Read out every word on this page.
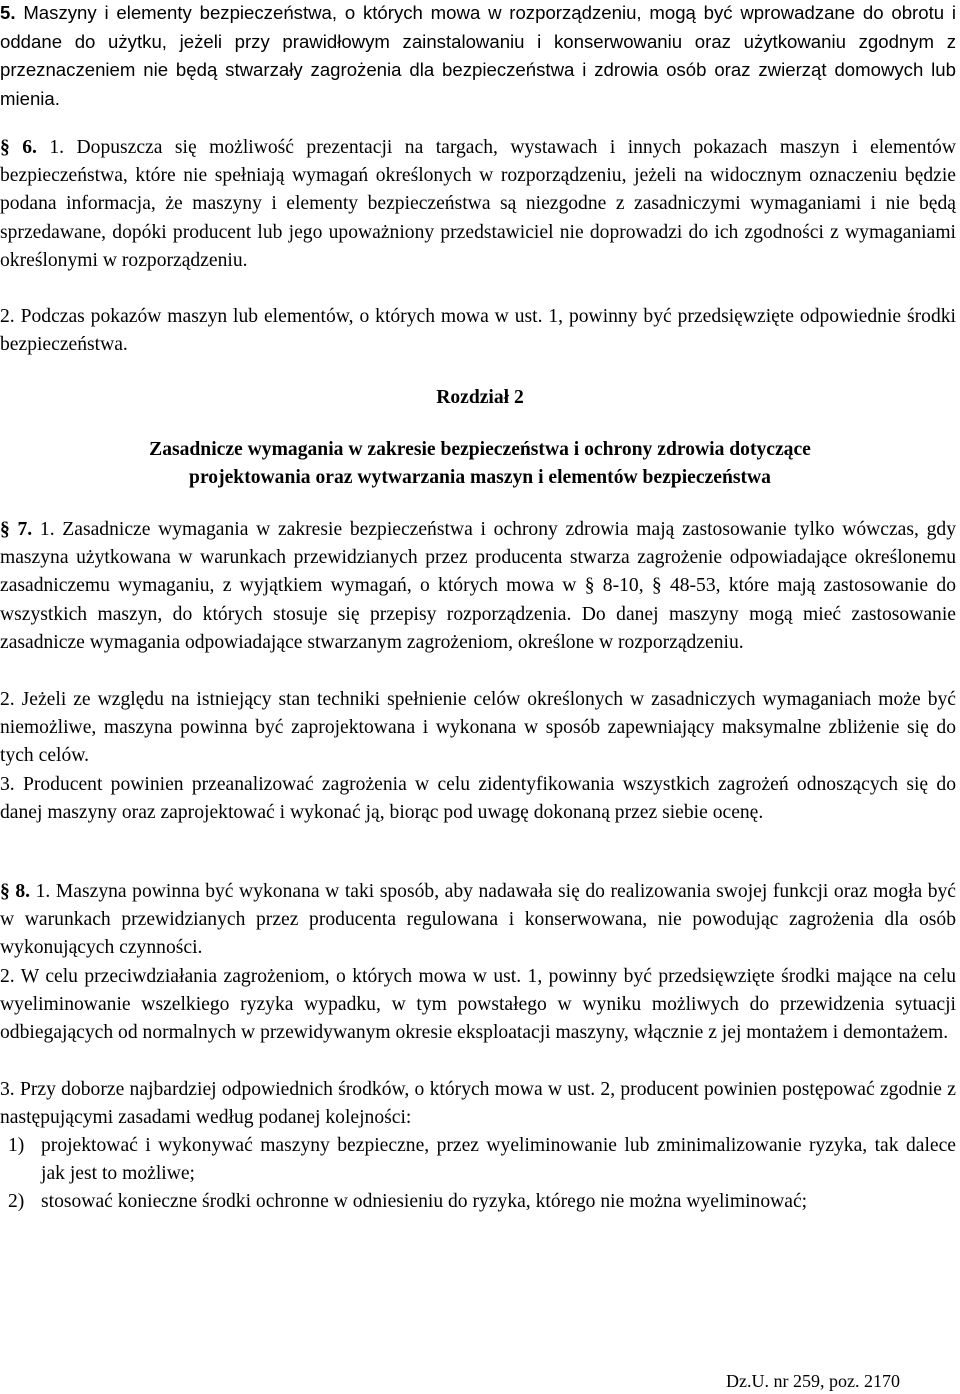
5. Maszyny i elementy bezpieczeństwa, o których mowa w rozporządzeniu, mogą być wprowadzane do obrotu i oddane do użytku, jeżeli przy prawidłowym zainstalowaniu i konserwowaniu oraz użytkowaniu zgodnym z przeznaczeniem nie będą stwarzały zagrożenia dla bezpieczeństwa i zdrowia osób oraz zwierząt domowych lub mienia.
§ 6. 1. Dopuszcza się możliwość prezentacji na targach, wystawach i innych pokazach maszyn i elementów bezpieczeństwa, które nie spełniają wymagań określonych w rozporządzeniu, jeżeli na widocznym oznaczeniu będzie podana informacja, że maszyny i elementy bezpieczeństwa są niezgodne z zasadniczymi wymaganiami i nie będą sprzedawane, dopóki producent lub jego upoważniony przedstawiciel nie doprowadzi do ich zgodności z wymaganiami określonymi w rozporządzeniu.
2. Podczas pokazów maszyn lub elementów, o których mowa w ust. 1, powinny być przedsięwzięte odpowiednie środki bezpieczeństwa.
Rozdział 2
Zasadnicze wymagania w zakresie bezpieczeństwa i ochrony zdrowia dotyczące
projektowania oraz wytwarzania maszyn i elementów bezpieczeństwa
§ 7. 1. Zasadnicze wymagania w zakresie bezpieczeństwa i ochrony zdrowia mają zastosowanie tylko wówczas, gdy maszyna użytkowana w warunkach przewidzianych przez producenta stwarza zagrożenie odpowiadające określonemu zasadniczemu wymaganiu, z wyjątkiem wymagań, o których mowa w § 8-10, § 48-53, które mają zastosowanie do wszystkich maszyn, do których stosuje się przepisy rozporządzenia. Do danej maszyny mogą mieć zastosowanie zasadnicze wymagania odpowiadające stwarzanym zagrożeniom, określone w rozporządzeniu.
2. Jeżeli ze względu na istniejący stan techniki spełnienie celów określonych w zasadniczych wymaganiach może być niemożliwe, maszyna powinna być zaprojektowana i wykonana w sposób zapewniający maksymalne zbliżenie się do tych celów.
3. Producent powinien przeanalizować zagrożenia w celu zidentyfikowania wszystkich zagrożeń odnoszących się do danej maszyny oraz zaprojektować i wykonać ją, biorąc pod uwagę dokonaną przez siebie ocenę.
§ 8. 1. Maszyna powinna być wykonana w taki sposób, aby nadawała się do realizowania swojej funkcji oraz mogła być w warunkach przewidzianych przez producenta regulowana i konserwowana, nie powodując zagrożenia dla osób wykonujących czynności.
2. W celu przeciwdziałania zagrożeniom, o których mowa w ust. 1, powinny być przedsięwzięte środki mające na celu wyeliminowanie wszelkiego ryzyka wypadku, w tym powstałego w wyniku możliwych do przewidzenia sytuacji odbiegających od normalnych w przewidywanym okresie eksploatacji maszyny, włącznie z jej montażem i demontażem.
3. Przy doborze najbardziej odpowiednich środków, o których mowa w ust. 2, producent powinien postępować zgodnie z następującymi zasadami według podanej kolejności:
1) projektować i wykonywać maszyny bezpieczne, przez wyeliminowanie lub zminimalizowanie ryzyka, tak dalece jak jest to możliwe;
2) stosować konieczne środki ochronne w odniesieniu do ryzyka, którego nie można wyeliminować;
Dz.U. nr 259, poz. 2170
